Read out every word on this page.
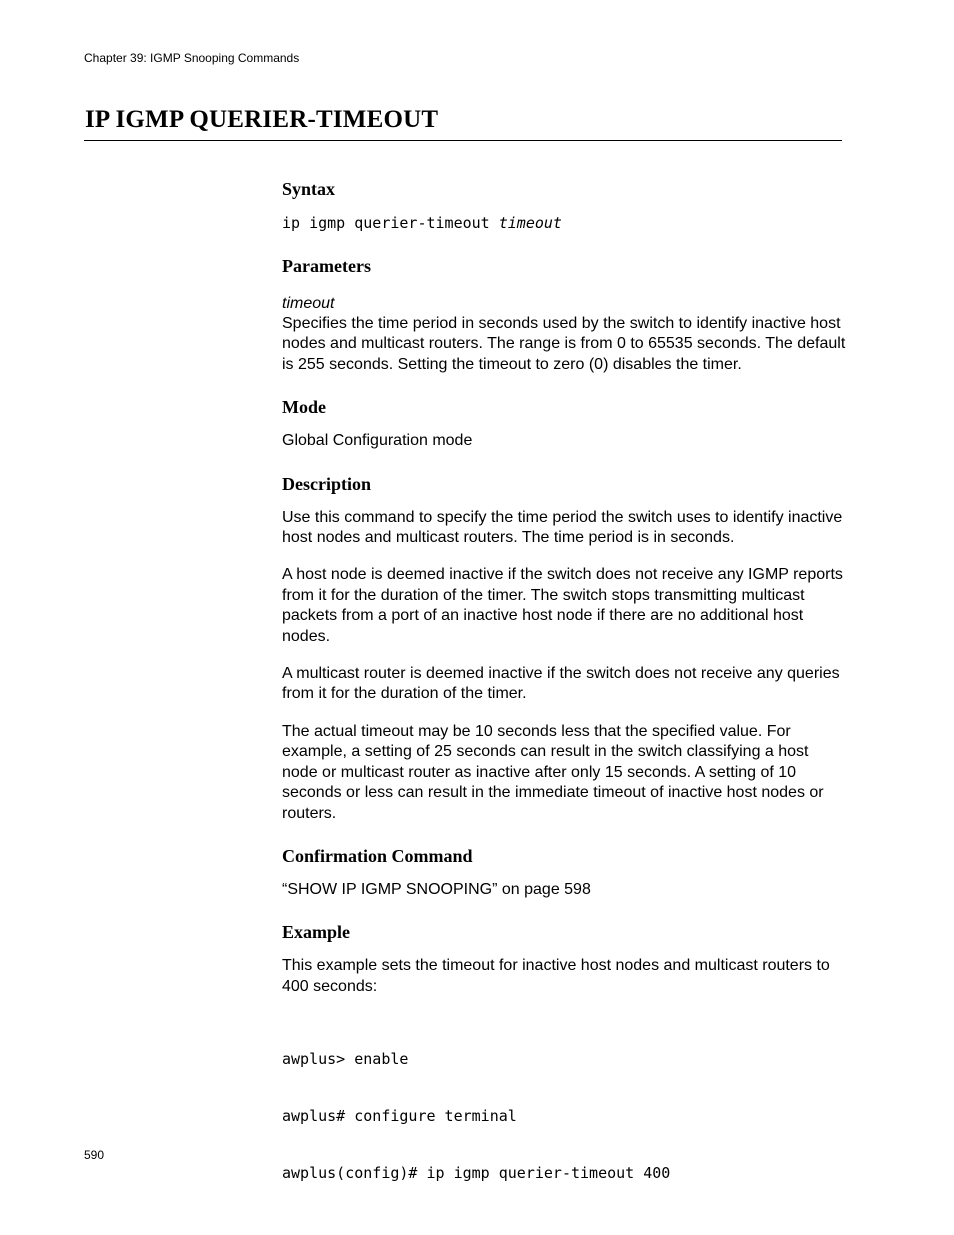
Chapter 39: IGMP Snooping Commands
IP IGMP QUERIER-TIMEOUT
Syntax

ip igmp querier-timeout timeout

Parameters

timeout

Specifies the time period in seconds used by the switch to identify inactive host nodes and multicast routers. The range is from 0 to 65535 seconds. The default is 255 seconds. Setting the timeout to zero (0) disables the timer.

Mode

Global Configuration mode

Description

Use this command to specify the time period the switch uses to identify inactive host nodes and multicast routers. The time period is in seconds.

A host node is deemed inactive if the switch does not receive any IGMP reports from it for the duration of the timer. The switch stops transmitting multicast packets from a port of an inactive host node if there are no additional host nodes.

A multicast router is deemed inactive if the switch does not receive any queries from it for the duration of the timer.

The actual timeout may be 10 seconds less that the specified value. For example, a setting of 25 seconds can result in the switch classifying a host node or multicast router as inactive after only 15 seconds. A setting of 10 seconds or less can result in the immediate timeout of inactive host nodes or routers.

Confirmation Command

“SHOW IP IGMP SNOOPING” on page 598

Example

This example sets the timeout for inactive host nodes and multicast routers to 400 seconds:

awplus> enable

awplus# configure terminal

awplus(config)# ip igmp querier-timeout 400

590
